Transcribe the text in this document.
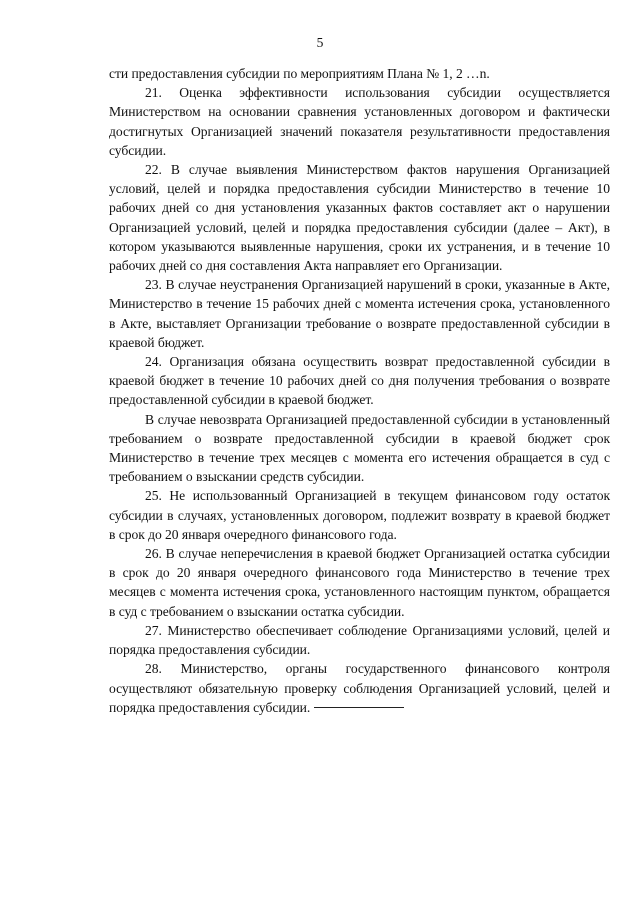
5

сти предоставления субсидии по мероприятиям Плана № 1, 2 …n.

21. Оценка эффективности использования субсидии осуществляется Министерством на основании сравнения установленных договором и фактически достигнутых Организацией значений показателя результативности предоставления субсидии.

22. В случае выявления Министерством фактов нарушения Организацией условий, целей и порядка предоставления субсидии Министерство в течение 10 рабочих дней со дня установления указанных фактов составляет акт о нарушении Организацией условий, целей и порядка предоставления субсидии (далее – Акт), в котором указываются выявленные нарушения, сроки их устранения, и в течение 10 рабочих дней со дня составления Акта направляет его Организации.

23. В случае неустранения Организацией нарушений в сроки, указанные в Акте, Министерство в течение 15 рабочих дней с момента истечения срока, установленного в Акте, выставляет Организации требование о возврате предоставленной субсидии в краевой бюджет.

24. Организация обязана осуществить возврат предоставленной субсидии в краевой бюджет в течение 10 рабочих дней со дня получения требования о возврате предоставленной субсидии в краевой бюджет.

В случае невозврата Организацией предоставленной субсидии в установленный требованием о возврате предоставленной субсидии в краевой бюджет срок Министерство в течение трех месяцев с момента его истечения обращается в суд с требованием о взыскании средств субсидии.

25. Не использованный Организацией в текущем финансовом году остаток субсидии в случаях, установленных договором, подлежит возврату в краевой бюджет в срок до 20 января очередного финансового года.

26. В случае неперечисления в краевой бюджет Организацией остатка субсидии в срок до 20 января очередного финансового года Министерство в течение трех месяцев с момента истечения срока, установленного настоящим пунктом, обращается в суд с требованием о взыскании остатка субсидии.

27. Министерство обеспечивает соблюдение Организациями условий, целей и порядка предоставления субсидии.

28. Министерство, органы государственного финансового контроля осуществляют обязательную проверку соблюдения Организацией условий, целей и порядка предоставления субсидии.
